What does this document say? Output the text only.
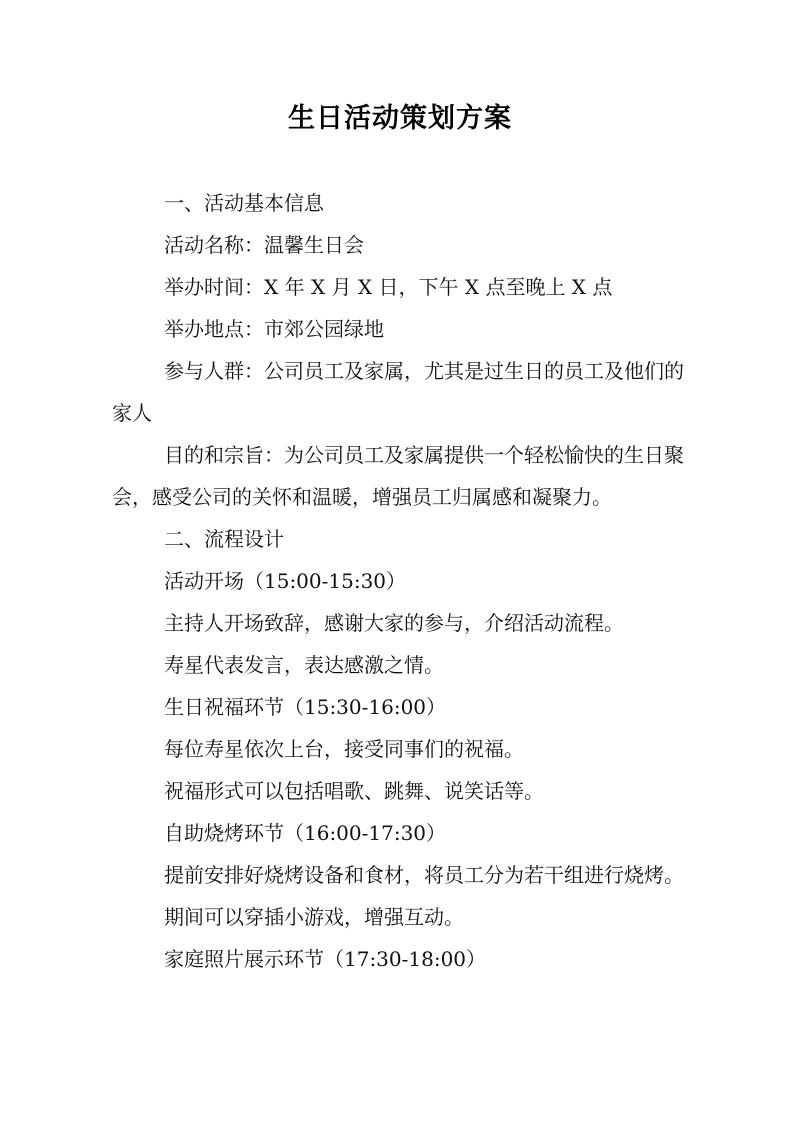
生日活动策划方案

一、活动基本信息

活动名称：温馨生日会

举办时间：X 年 X 月 X 日，下午 X 点至晚上 X 点

举办地点：市郊公园绿地

参与人群：公司员工及家属，尤其是过生日的员工及他们的家人

目的和宗旨：为公司员工及家属提供一个轻松愉快的生日聚会，感受公司的关怀和温暖，增强员工归属感和凝聚力。

二、流程设计

活动开场（15:00-15:30）

主持人开场致辞，感谢大家的参与，介绍活动流程。

寿星代表发言，表达感激之情。

生日祝福环节（15:30-16:00）

每位寿星依次上台，接受同事们的祝福。

祝福形式可以包括唱歌、跳舞、说笑话等。

自助烧烤环节（16:00-17:30）

提前安排好烧烤设备和食材，将员工分为若干组进行烧烤。

期间可以穿插小游戏，增强互动。

家庭照片展示环节（17:30-18:00）
